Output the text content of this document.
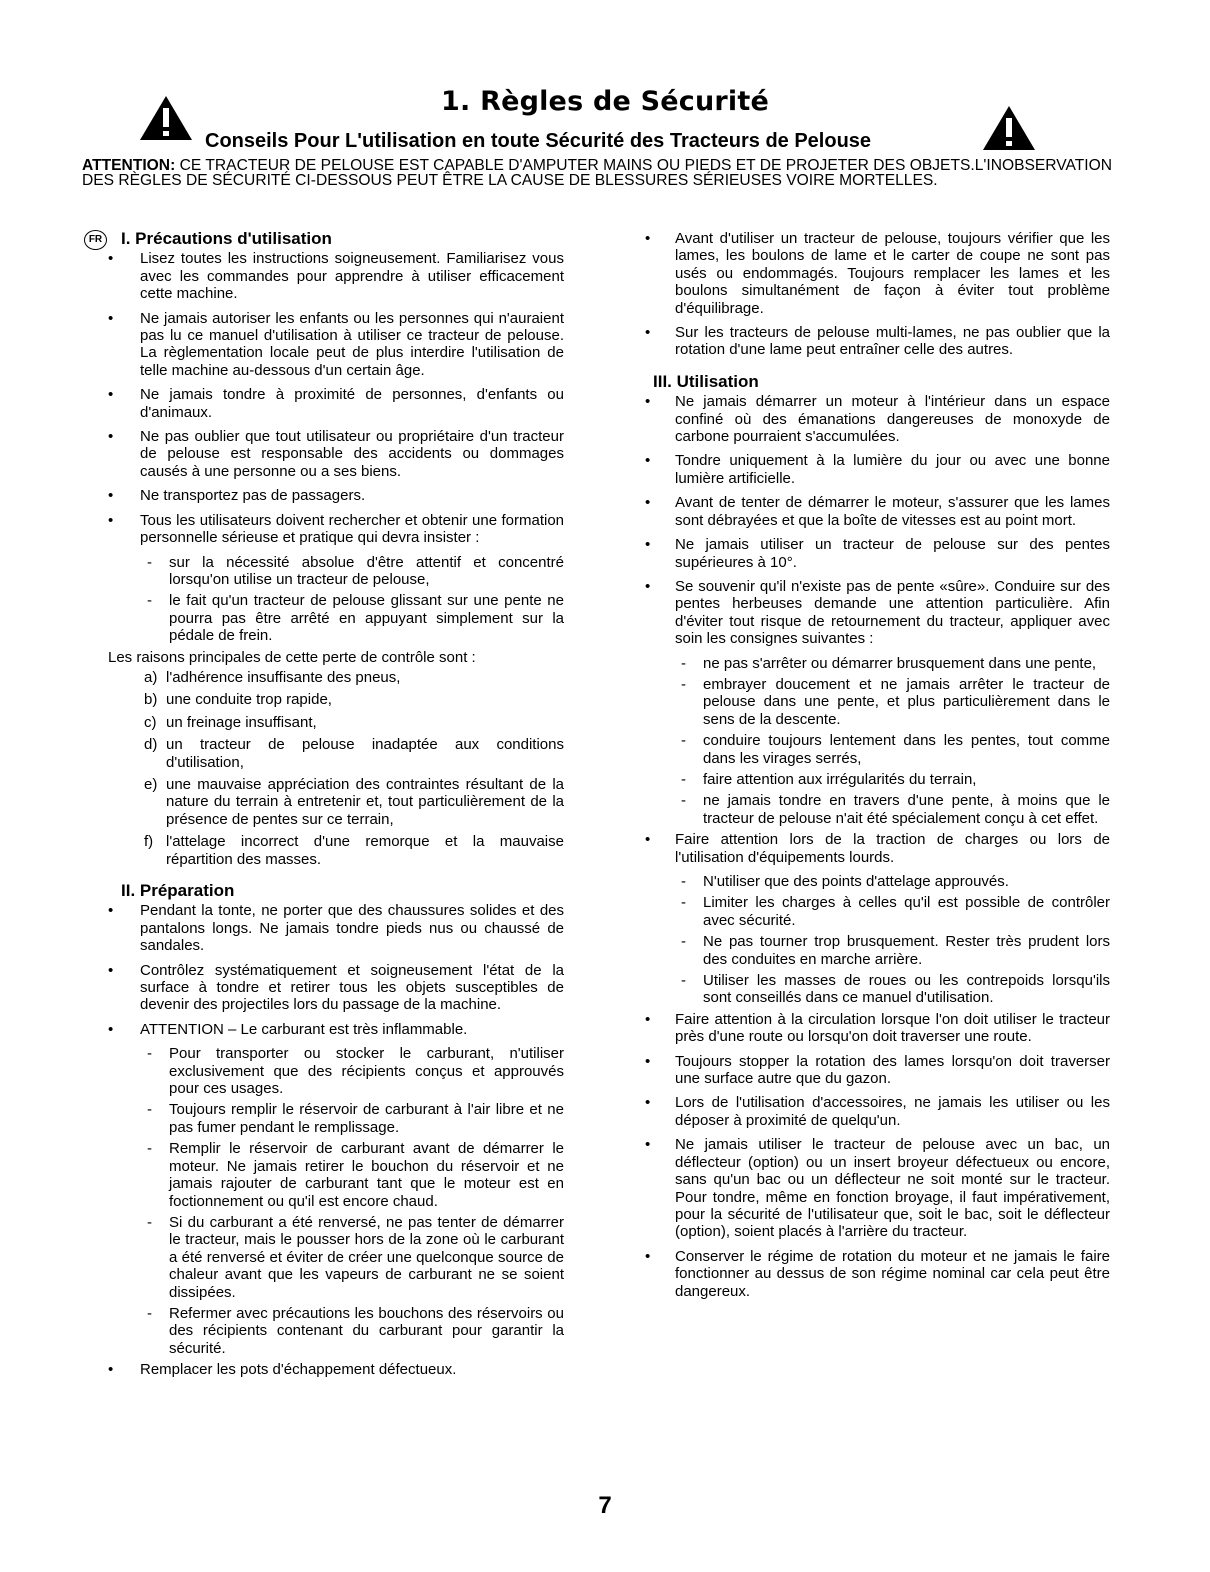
1. Règles de Sécurité
Conseils Pour L'utilisation en toute Sécurité des Tracteurs de Pelouse
ATTENTION: CE TRACTEUR DE PELOUSE EST CAPABLE D'AMPUTER MAINS OU PIEDS ET DE PROJETER DES OBJETS.L'INOBSERVATION DES RÈGLES DE SÉCURITÉ CI-DESSOUS PEUT ÊTRE LA CAUSE DE BLESSURES SÉRIEUSES VOIRE MORTELLES.
FR I. Précautions d'utilisation

• Lisez toutes les instructions soigneusement. Familiarisez vous avec les commandes pour apprendre à utiliser efficacement cette machine.

• Ne jamais autoriser les enfants ou les personnes qui n'auraient pas lu ce manuel d'utilisation à utiliser ce tracteur de pelouse. La règlementation locale peut de plus interdire l'utilisation de telle machine au-dessous d'un certain âge.

• Ne jamais tondre à proximité de personnes, d'enfants ou d'animaux.

• Ne pas oublier que tout utilisateur ou propriétaire d'un tracteur de pelouse est responsable des accidents ou dommages causés à une personne ou a ses biens.

• Ne transportez pas de passagers.

• Tous les utilisateurs doivent rechercher et obtenir une formation personnelle sérieuse et pratique qui devra insister :

- sur la nécessité absolue d'être attentif et concentré lorsqu'on utilise un tracteur de pelouse,

- le fait qu'un tracteur de pelouse glissant sur une pente ne pourra pas être arrêté en appuyant simplement sur la pédale de frein.

Les raisons principales de cette perte de contrôle sont :

a) l'adhérence insuffisante des pneus,

b) une conduite trop rapide,

c) un freinage insuffisant,

d) un tracteur de pelouse inadaptée aux conditions d'utilisation,

e) une mauvaise appréciation des contraintes résultant de la nature du terrain à entretenir et, tout particulièrement de la présence de pentes sur ce terrain,

f) l'attelage incorrect d'une remorque et la mauvaise répartition des masses.

II. Préparation

• Pendant la tonte, ne porter que des chaussures solides et des pantalons longs. Ne jamais tondre pieds nus ou chaussé de sandales.

• Contrôlez systématiquement et soigneusement l'état de la surface à tondre et retirer tous les objets susceptibles de devenir des projectiles lors du passage de la machine.

• ATTENTION – Le carburant est très inflammable.

- Pour transporter ou stocker le carburant, n'utiliser exclusivement que des récipients conçus et approuvés pour ces usages.

- Toujours remplir le réservoir de carburant à l'air libre et ne pas fumer pendant le remplissage.

- Remplir le réservoir de carburant avant de démarrer le moteur. Ne jamais retirer le bouchon du réservoir et ne jamais rajouter de carburant tant que le moteur est en foctionnement ou qu'il est encore chaud.

- Si du carburant a été renversé, ne pas tenter de démarrer le tracteur, mais le pousser hors de la zone où le carburant a été renversé et éviter de créer une quelconque source de chaleur avant que les vapeurs de carburant ne se soient dissipées.

- Refermer avec précautions les bouchons des réservoirs ou des récipients contenant du carburant pour garantir la sécurité.

• Remplacer les pots d'échappement défectueux.

• Avant d'utiliser un tracteur de pelouse, toujours vérifier que les lames, les boulons de lame et le carter de coupe ne sont pas usés ou endommagés. Toujours remplacer les lames et les boulons simultanément de façon à éviter tout problème d'équilibrage.

• Sur les tracteurs de pelouse multi-lames, ne pas oublier que la rotation d'une lame peut entraîner celle des autres.

III. Utilisation

• Ne jamais démarrer un moteur à l'intérieur dans un espace confiné où des émanations dangereuses de monoxyde de carbone pourraient s'accumulées.

• Tondre uniquement à la lumière du jour ou avec une bonne lumière artificielle.

• Avant de tenter de démarrer le moteur, s'assurer que les lames sont débrayées et que la boîte de vitesses est au point mort.

• Ne jamais utiliser un tracteur de pelouse sur des pentes supérieures à 10°.

• Se souvenir qu'il n'existe pas de pente «sûre». Conduire sur des pentes herbeuses demande une attention particulière. Afin d'éviter tout risque de retournement du tracteur, appliquer avec soin les consignes suivantes :

- ne pas s'arrêter ou démarrer brusquement dans une pente,

- embrayer doucement et ne jamais arrêter le tracteur de pelouse dans une pente, et plus particulièrement dans le sens de la descente.

- conduire toujours lentement dans les pentes, tout comme dans les virages serrés,

- faire attention aux irrégularités du terrain,

- ne jamais tondre en travers d'une pente, à moins que le tracteur de pelouse n'ait été spécialement conçu à cet effet.

• Faire attention lors de la traction de charges ou lors de l'utilisation d'équipements lourds.

- N'utiliser que des points d'attelage approuvés.

- Limiter les charges à celles qu'il est possible de contrôler avec sécurité.

- Ne pas tourner trop brusquement. Rester très prudent lors des conduites en marche arrière.

- Utiliser les masses de roues ou les contrepoids lorsqu'ils sont conseillés dans ce manuel d'utilisation.

• Faire attention à la circulation lorsque l'on doit utiliser le tracteur près d'une route ou lorsqu'on doit traverser une route.

• Toujours stopper la rotation des lames lorsqu'on doit traverser une surface autre que du gazon.

• Lors de l'utilisation d'accessoires, ne jamais les utiliser ou les déposer à proximité de quelqu'un.

• Ne jamais utiliser le tracteur de pelouse avec un bac, un déflecteur (option) ou un insert broyeur défectueux ou encore, sans qu'un bac ou un déflecteur ne soit monté sur le tracteur. Pour tondre, même en fonction broyage, il faut impérativement, pour la sécurité de l'utilisateur que, soit le bac, soit le déflecteur (option), soient placés à l'arrière du tracteur.

• Conserver le régime de rotation du moteur et ne jamais le faire fonctionner au dessus de son régime nominal car cela peut être dangereux.

7
